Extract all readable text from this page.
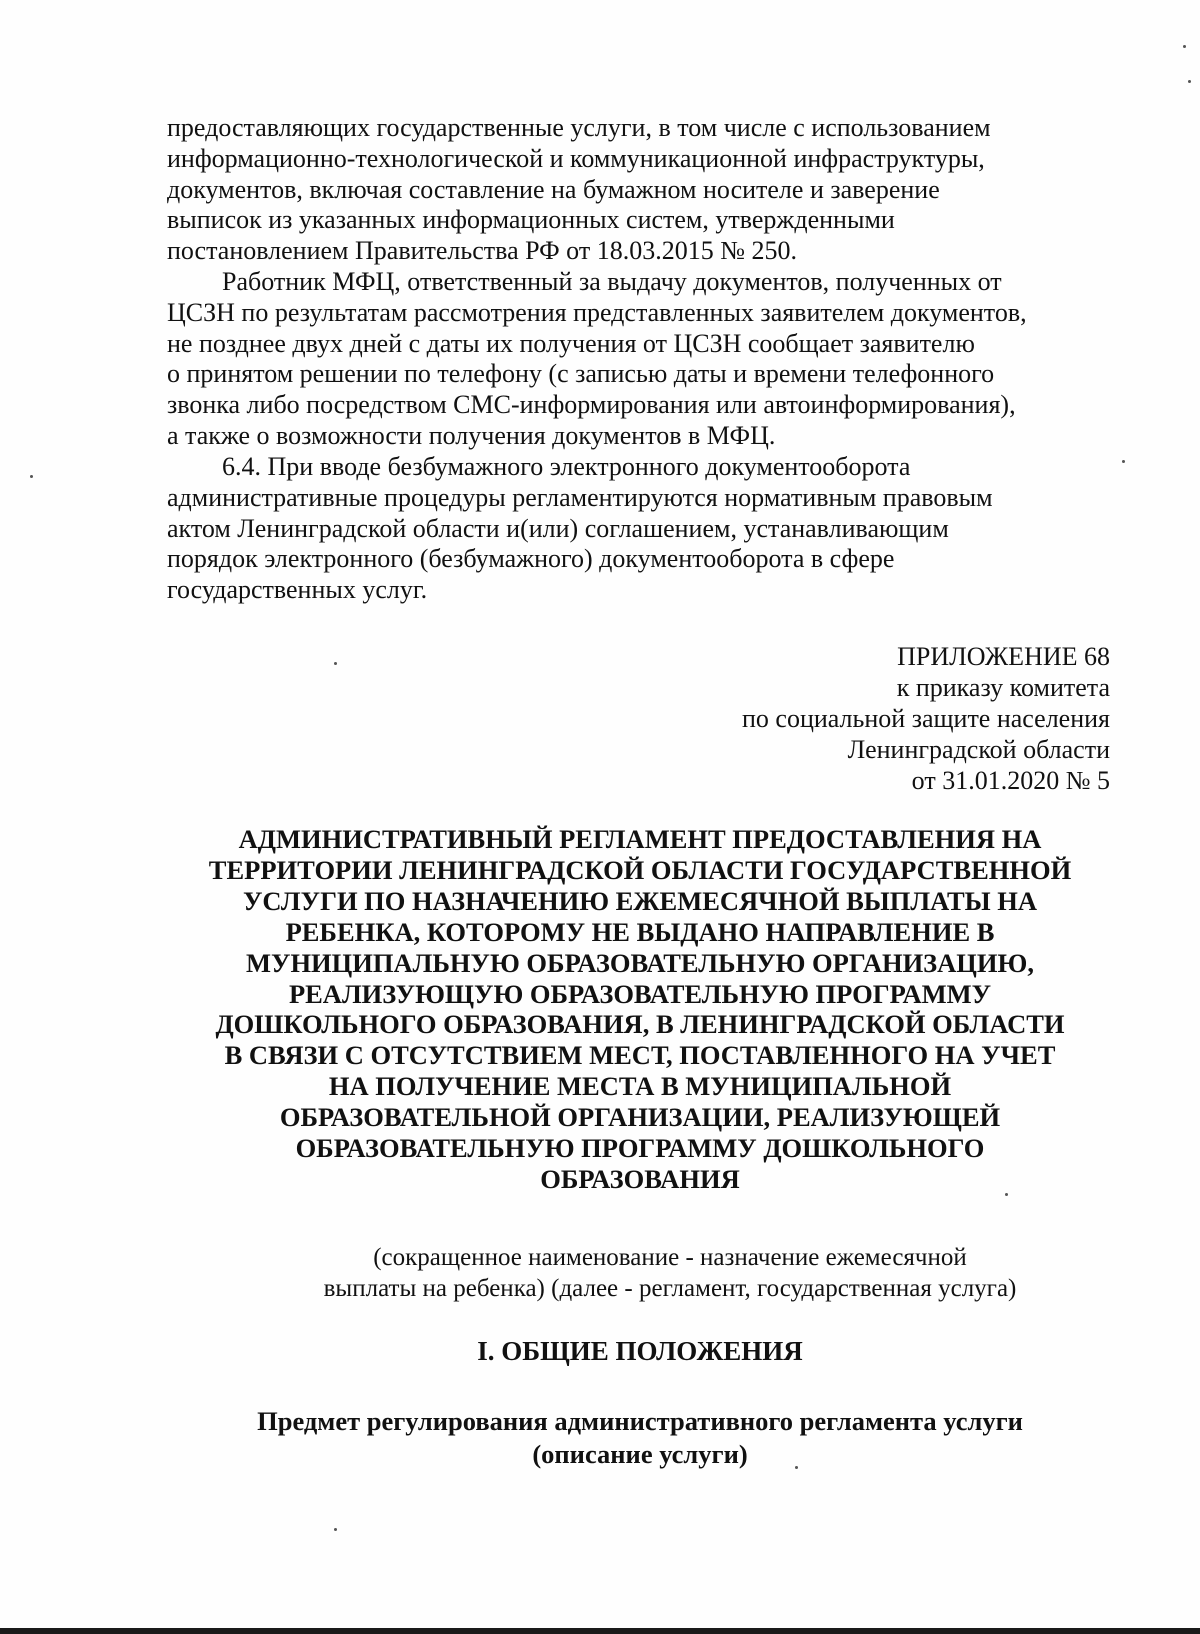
предоставляющих государственные услуги, в том числе с использованием
информационно-технологической и коммуникационной инфраструктуры,
документов, включая составление на бумажном носителе и заверение
выписок из указанных информационных систем, утвержденными
постановлением Правительства РФ от 18.03.2015 № 250.
Работник МФЦ, ответственный за выдачу документов, полученных от
ЦСЗН по результатам рассмотрения представленных заявителем документов,
не позднее двух дней с даты их получения от ЦСЗН сообщает заявителю
о принятом решении по телефону (с записью даты и времени телефонного
звонка либо посредством СМС-информирования или автоинформирования),
а также о возможности получения документов в МФЦ.
6.4. При вводе безбумажного электронного документооборота
административные процедуры регламентируются нормативным правовым
актом Ленинградской области и(или) соглашением, устанавливающим
порядок электронного (безбумажного) документооборота в сфере
государственных услуг.
ПРИЛОЖЕНИЕ 68
к приказу комитета
по социальной защите населения
Ленинградской области
от 31.01.2020 № 5
АДМИНИСТРАТИВНЫЙ РЕГЛАМЕНТ ПРЕДОСТАВЛЕНИЯ НА
ТЕРРИТОРИИ ЛЕНИНГРАДСКОЙ ОБЛАСТИ ГОСУДАРСТВЕННОЙ
УСЛУГИ ПО НАЗНАЧЕНИЮ ЕЖЕМЕСЯЧНОЙ ВЫПЛАТЫ НА
РЕБЕНКА, КОТОРОМУ НЕ ВЫДАНО НАПРАВЛЕНИЕ В
МУНИЦИПАЛЬНУЮ ОБРАЗОВАТЕЛЬНУЮ ОРГАНИЗАЦИЮ,
РЕАЛИЗУЮЩУЮ ОБРАЗОВАТЕЛЬНУЮ ПРОГРАММУ
ДОШКОЛЬНОГО ОБРАЗОВАНИЯ, В ЛЕНИНГРАДСКОЙ ОБЛАСТИ
В СВЯЗИ С ОТСУТСТВИЕМ МЕСТ, ПОСТАВЛЕННОГО НА УЧЕТ
НА ПОЛУЧЕНИЕ МЕСТА В МУНИЦИПАЛЬНОЙ
ОБРАЗОВАТЕЛЬНОЙ ОРГАНИЗАЦИИ, РЕАЛИЗУЮЩЕЙ
ОБРАЗОВАТЕЛЬНУЮ ПРОГРАММУ ДОШКОЛЬНОГО
ОБРАЗОВАНИЯ
(сокращенное наименование - назначение ежемесячной
выплаты на ребенка) (далее - регламент, государственная услуга)
I. ОБЩИЕ ПОЛОЖЕНИЯ
Предмет регулирования административного регламента услуги
(описание услуги)
